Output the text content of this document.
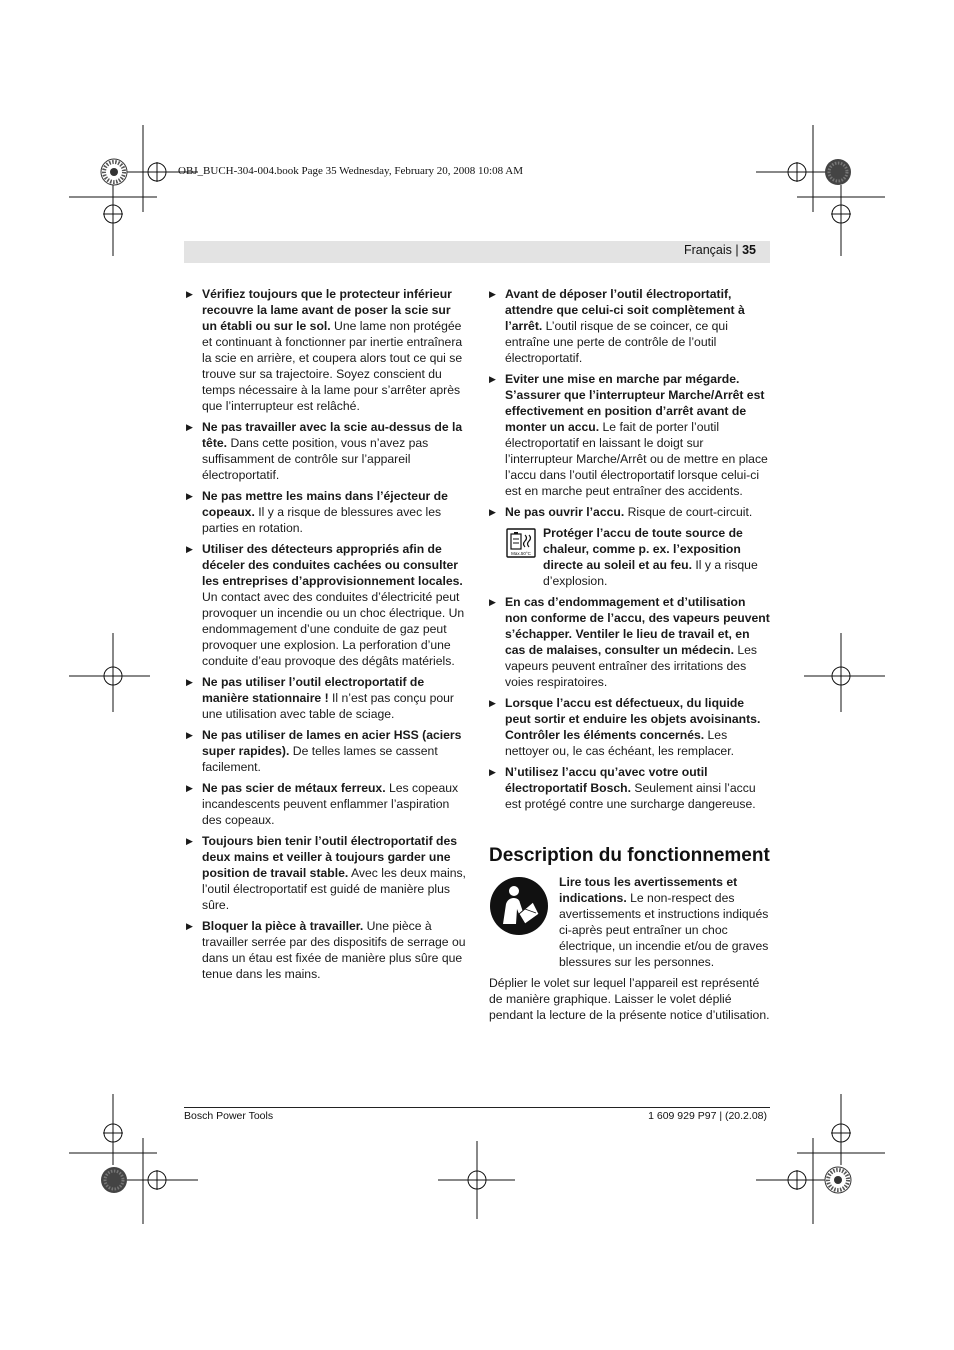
OBJ_BUCH-304-004.book Page 35 Wednesday, February 20, 2008 10:08 AM
Français | 35
▶ Vérifiez toujours que le protecteur inférieur recouvre la lame avant de poser la scie sur un établi ou sur le sol. Une lame non protégée et continuant à fonctionner par inertie entraînera la scie en arrière, et coupera alors tout ce qui se trouve sur sa trajectoire. Soyez conscient du temps nécessaire à la lame pour s’arrêter après que l’interrupteur est relâché.
▶ Ne pas travailler avec la scie au-dessus de la tête. Dans cette position, vous n’avez pas suffisamment de contrôle sur l’appareil électroportatif.
▶ Ne pas mettre les mains dans l’éjecteur de copeaux. Il y a risque de blessures avec les parties en rotation.
▶ Utiliser des détecteurs appropriés afin de déceler des conduites cachées ou consulter les entreprises d’approvisionnement locales. Un contact avec des conduites d’électricité peut provoquer un incendie ou un choc électrique. Un endommagement d’une conduite de gaz peut provoquer une explosion. La perforation d’une conduite d’eau provoque des dégâts matériels.
▶ Ne pas utiliser l’outil electroportatif de manière stationnaire ! Il n’est pas conçu pour une utilisation avec table de sciage.
▶ Ne pas utiliser de lames en acier HSS (aciers super rapides). De telles lames se cassent facilement.
▶ Ne pas scier de métaux ferreux. Les copeaux incandescents peuvent enflammer l’aspiration des copeaux.
▶ Toujours bien tenir l’outil électroportatif des deux mains et veiller à toujours garder une position de travail stable. Avec les deux mains, l’outil électroportatif est guidé de manière plus sûre.
▶ Bloquer la pièce à travailler. Une pièce à travailler serrée par des dispositifs de serrage ou dans un étau est fixée de manière plus sûre que tenue dans les mains.
▶ Avant de déposer l’outil électroportatif, attendre que celui-ci soit complètement à l’arrêt. L’outil risque de se coincer, ce qui entraîne une perte de contrôle de l’outil électroportatif.
▶ Eviter une mise en marche par mégarde. S’assurer que l’interrupteur Marche/Arrêt est effectivement en position d’arrêt avant de monter un accu. Le fait de porter l’outil électroportatif en laissant le doigt sur l’interrupteur Marche/Arrêt ou de mettre en place l’accu dans l’outil électroportatif lorsque celui-ci est en marche peut entraîner des accidents.
▶ Ne pas ouvrir l’accu. Risque de court-circuit.
Max.50°C
Protéger l’accu de toute source de chaleur, comme p. ex. l’exposition directe au soleil et au feu. Il y a risque d’explosion.
▶ En cas d’endommagement et d’utilisation non conforme de l’accu, des vapeurs peuvent s’échapper. Ventiler le lieu de travail et, en cas de malaises, consulter un médecin. Les vapeurs peuvent entraîner des irritations des voies respiratoires.
▶ Lorsque l’accu est défectueux, du liquide peut sortir et enduire les objets avoisinants. Contrôler les éléments concernés. Les nettoyer ou, le cas échéant, les remplacer.
▶ N’utilisez l’accu qu’avec votre outil électroportatif Bosch. Seulement ainsi l’accu est protégé contre une surcharge dangereuse.
Description du fonctionnement
Lire tous les avertissements et indications. Le non-respect des avertissements et instructions indiqués ci-après peut entraîner un choc électrique, un incendie et/ou de graves blessures sur les personnes.
Déplier le volet sur lequel l’appareil est représenté de manière graphique. Laisser le volet déplié pendant la lecture de la présente notice d’utilisation.
Bosch Power Tools	1 609 929 P97 | (20.2.08)
